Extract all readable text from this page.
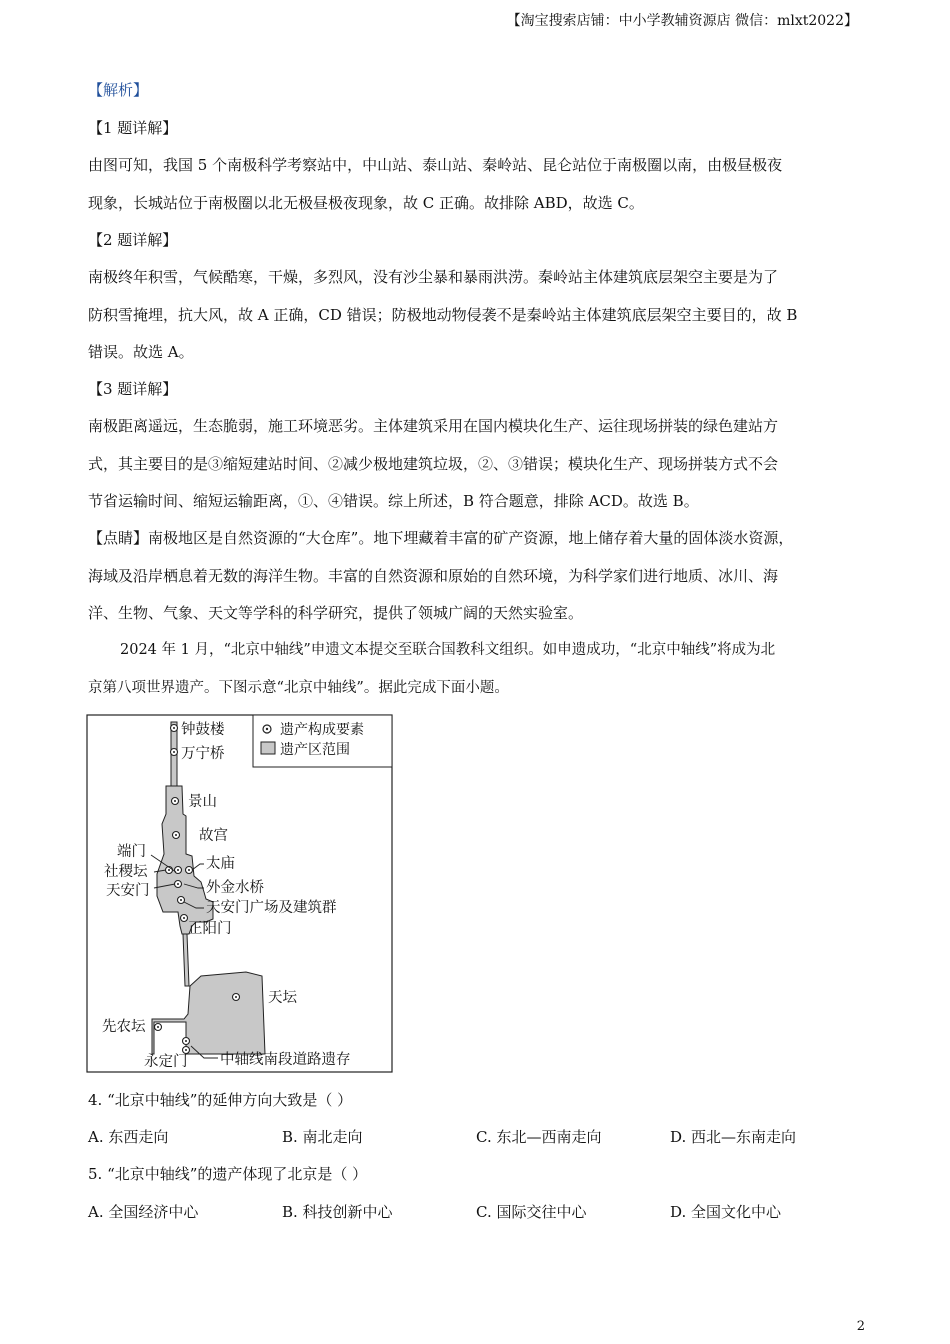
【淘宝搜索店铺：中小学教辅资源店 微信：mlxt2022】
【解析】
【1 题详解】
由图可知，我国 5 个南极科学考察站中，中山站、泰山站、秦岭站、昆仑站位于南极圈以南，由极昼极夜
现象，长城站位于南极圈以北无极昼极夜现象，故 C 正确。故排除 ABD，故选 C。
【2 题详解】
南极终年积雪，气候酷寒，干燥，多烈风，没有沙尘暴和暴雨洪涝。秦岭站主体建筑底层架空主要是为了
防积雪掩埋，抗大风，故 A 正确，CD 错误；防极地动物侵袭不是秦岭站主体建筑底层架空主要目的，故 B
错误。故选 A。
【3 题详解】
南极距离遥远，生态脆弱，施工环境恶劣。主体建筑采用在国内模块化生产、运往现场拼装的绿色建站方
式，其主要目的是③缩短建站时间、②减少极地建筑垃圾，②、③错误；模块化生产、现场拼装方式不会
节省运输时间、缩短运输距离，①、④错误。综上所述，B 符合题意，排除 ACD。故选 B。
【点睛】南极地区是自然资源的“大仓库”。地下埋藏着丰富的矿产资源，地上储存着大量的固体淡水资源，
海域及沿岸栖息着无数的海洋生物。丰富的自然资源和原始的自然环境，为科学家们进行地质、冰川、海
洋、生物、气象、天文等学科的科学研究，提供了领城广阔的天然实验室。
2024 年 1 月，“北京中轴线”申遗文本提交至联合国教科文组织。如申遗成功，“北京中轴线”将成为北
京第八项世界遗产。下图示意“北京中轴线”。据此完成下面小题。
遗产构成要素
遗产区范围
钟鼓楼
万宁桥
景山
故宫
端门
社稷坛
天安门
太庙
外金水桥
天安门广场及建筑群
正阳门
天坛
先农坛
永定门 中轴线南段道路遗存
4. “北京中轴线”的延伸方向大致是（ ）
A. 东西走向	B. 南北走向	C. 东北—西南走向	D. 西北—东南走向
5. “北京中轴线”的遗产体现了北京是（ ）
A. 全国经济中心	B. 科技创新中心	C. 国际交往中心	D. 全国文化中心
2
